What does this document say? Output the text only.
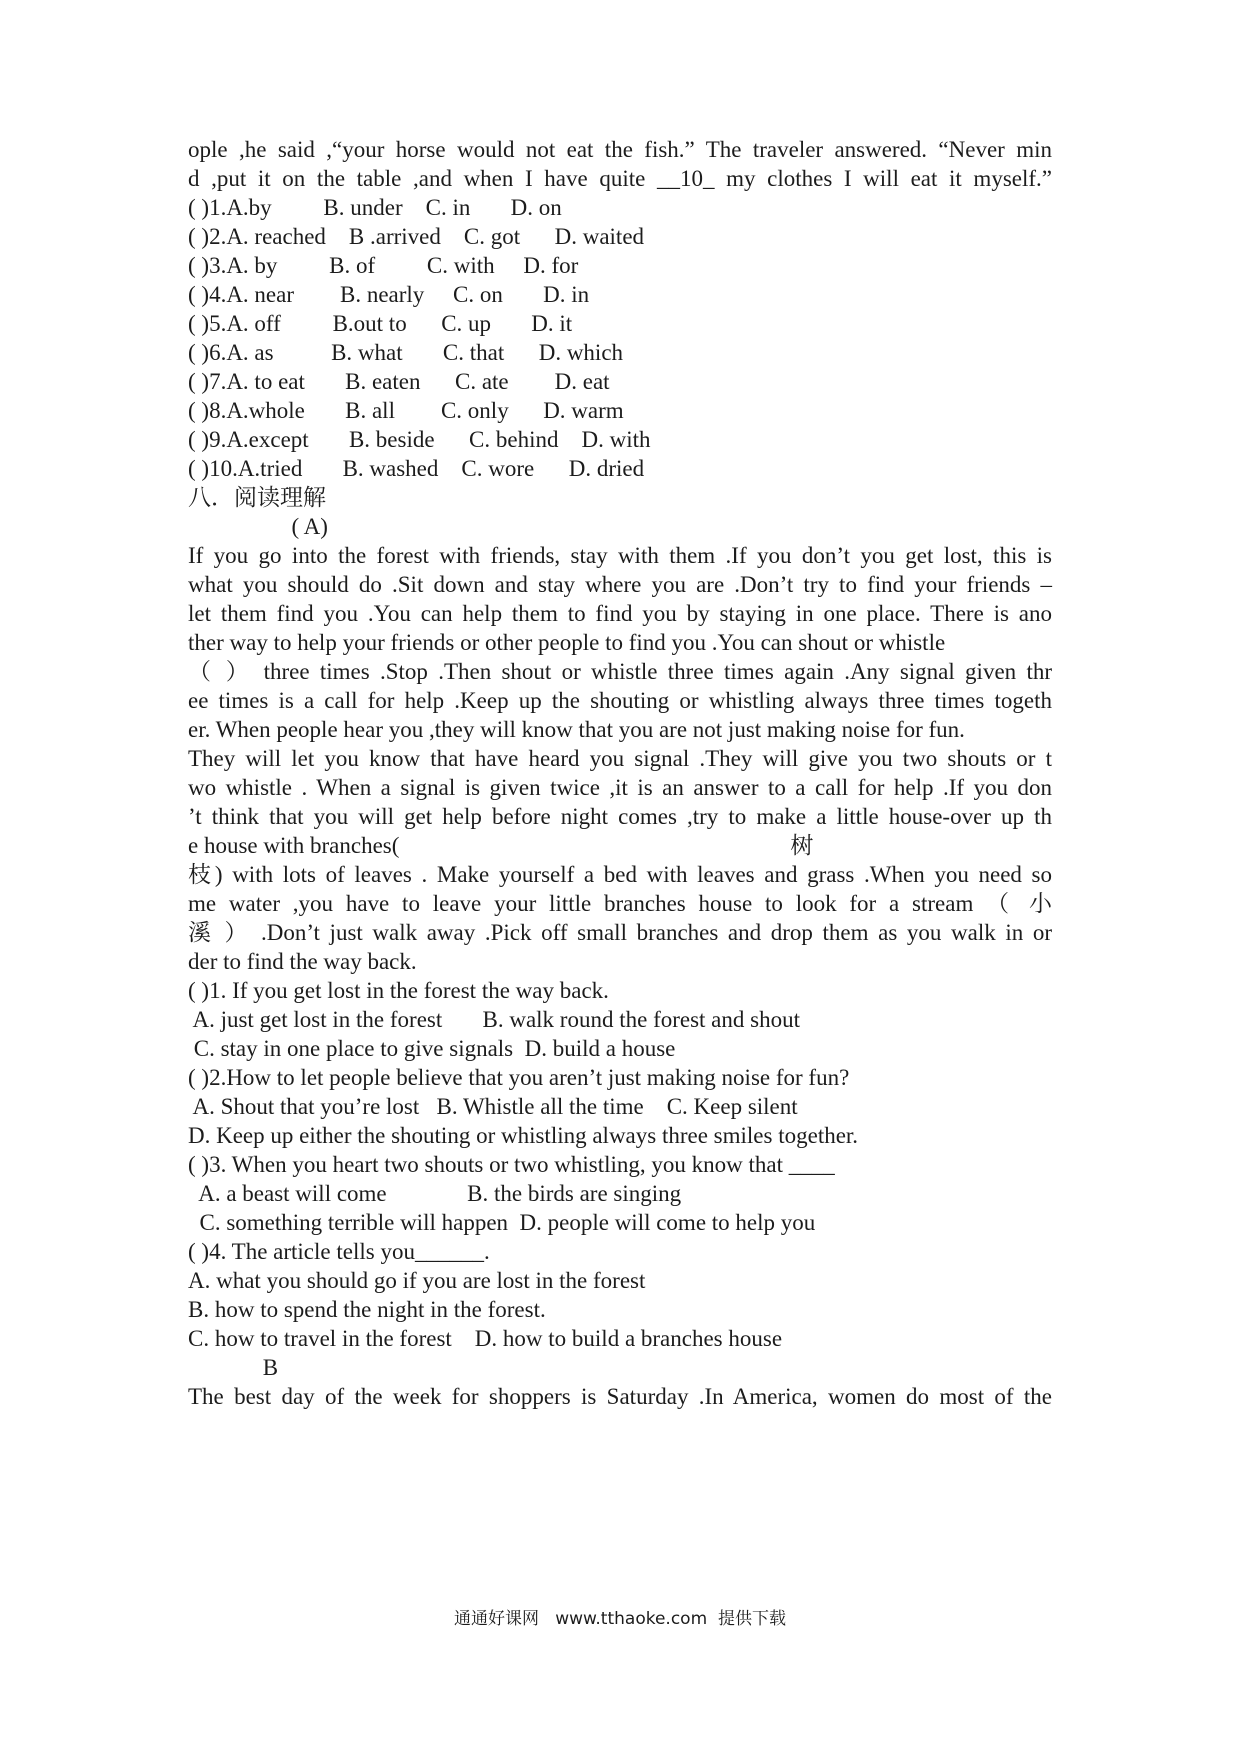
ople ,he said ,“your horse would not eat the fish.” The traveler answered. “Never min
d ,put it on the table ,and when I have quite __10_ my clothes I will eat it myself.”
( )1.A.by         B. under    C. in       D. on
( )2.A. reached    B .arrived    C. got      D. waited
( )3.A. by         B. of         C. with     D. for
( )4.A. near        B. nearly     C. on       D. in
( )5.A. off         B.out to      C. up       D. it
( )6.A. as          B. what       C. that      D. which
( )7.A. to eat       B. eaten      C. ate        D. eat
( )8.A.whole       B. all        C. only      D. warm
( )9.A.except       B. beside      C. behind    D. with
( )10.A.tried       B. washed    C. wore      D. dried
八．阅读理解
( A)
If you go into the forest with friends, stay with them .If you don’t you get lost, this is
what you should do .Sit down and stay where you are .Don’t try to find your friends –
let them find you .You can help them to find you by staying in one place. There is ano
ther way to help your friends or other people to find you .You can shout or whistle
（ ） three times .Stop .Then shout or whistle three times again .Any signal given thr
ee times is a call for help .Keep up the shouting or whistling always three times togeth
er. When people hear you ,they will know that you are not just making noise for fun.
They will let you know that have heard you signal .They will give you two shouts or t
wo whistle . When a signal is given twice ,it is an answer to a call for help .If you don
’t think that you will get help before night comes ,try to make a little house-over up th
e house with branches(                                                                    树
枝) with lots of leaves . Make yourself a bed with leaves and grass .When you need so
me water ,you have to leave your little branches house to look for a stream （ 小
溪 ） .Don’t just walk away .Pick off small branches and drop them as you walk in or
der to find the way back.
( )1. If you get lost in the forest the way back.
A. just get lost in the forest       B. walk round the forest and shout
C. stay in one place to give signals  D. build a house
( )2.How to let people believe that you aren’t just making noise for fun?
A. Shout that you’re lost   B. Whistle all the time    C. Keep silent
D. Keep up either the shouting or whistling always three smiles together.
( )3. When you heart two shouts or two whistling, you know that ____
A. a beast will come              B. the birds are singing
C. something terrible will happen  D. people will come to help you
( )4. The article tells you______.
A. what you should go if you are lost in the forest
B. how to spend the night in the forest.
C. how to travel in the forest    D. how to build a branches house
B
The best day of the week for shoppers is Saturday .In America, women do most of the
通通好课网   www.tthaoke.com  提供下载
